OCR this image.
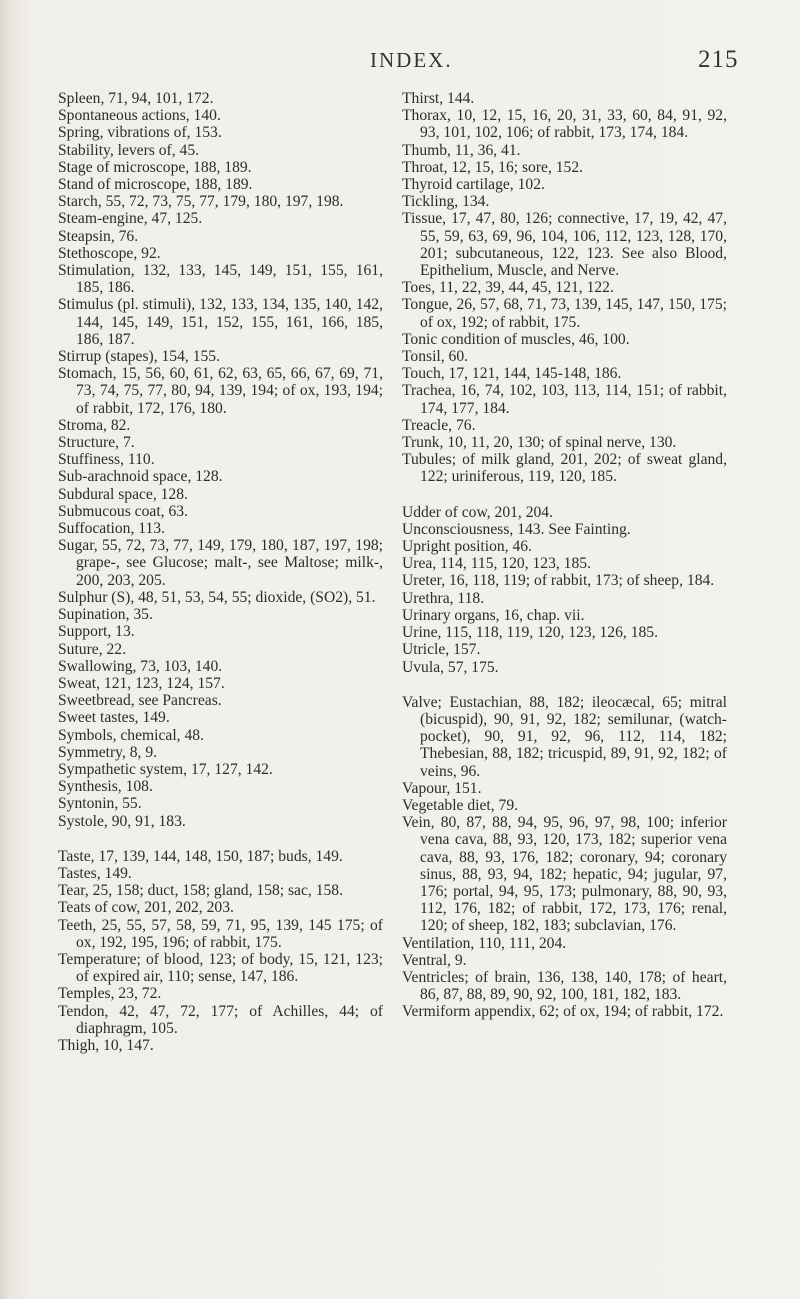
INDEX.	215
Spleen, 71, 94, 101, 172.
Spontaneous actions, 140.
Spring, vibrations of, 153.
Stability, levers of, 45.
Stage of microscope, 188, 189.
Stand of microscope, 188, 189.
Starch, 55, 72, 73, 75, 77, 179, 180, 197, 198.
Steam-engine, 47, 125.
Steapsin, 76.
Stethoscope, 92.
Stimulation, 132, 133, 145, 149, 151, 155, 161, 185, 186.
Stimulus (pl. stimuli), 132, 133, 134, 135, 140, 142, 144, 145, 149, 151, 152, 155, 161, 166, 185, 186, 187.
Stirrup (stapes), 154, 155.
Stomach, 15, 56, 60, 61, 62, 63, 65, 66, 67, 69, 71, 73, 74, 75, 77, 80, 94, 139, 194; of ox, 193, 194; of rabbit, 172, 176, 180.
Stroma, 82.
Structure, 7.
Stuffiness, 110.
Sub-arachnoid space, 128.
Subdural space, 128.
Submucous coat, 63.
Suffocation, 113.
Sugar, 55, 72, 73, 77, 149, 179, 180, 187, 197, 198; grape-, see Glucose; malt-, see Maltose; milk-, 200, 203, 205.
Sulphur (S), 48, 51, 53, 54, 55; dioxide, (SO2), 51.
Supination, 35.
Support, 13.
Suture, 22.
Swallowing, 73, 103, 140.
Sweat, 121, 123, 124, 157.
Sweetbread, see Pancreas.
Sweet tastes, 149.
Symbols, chemical, 48.
Symmetry, 8, 9.
Sympathetic system, 17, 127, 142.
Synthesis, 108.
Syntonin, 55.
Systole, 90, 91, 183.
Taste, 17, 139, 144, 148, 150, 187; buds, 149.
Tastes, 149.
Tear, 25, 158; duct, 158; gland, 158; sac, 158.
Teats of cow, 201, 202, 203.
Teeth, 25, 55, 57, 58, 59, 71, 95, 139, 145 175; of ox, 192, 195, 196; of rabbit, 175.
Temperature; of blood, 123; of body, 15, 121, 123; of expired air, 110; sense, 147, 186.
Temples, 23, 72.
Tendon, 42, 47, 72, 177; of Achilles, 44; of diaphragm, 105.
Thigh, 10, 147.
Thirst, 144.
Thorax, 10, 12, 15, 16, 20, 31, 33, 60, 84, 91, 92, 93, 101, 102, 106; of rabbit, 173, 174, 184.
Thumb, 11, 36, 41.
Throat, 12, 15, 16; sore, 152.
Thyroid cartilage, 102.
Tickling, 134.
Tissue, 17, 47, 80, 126; connective, 17, 19, 42, 47, 55, 59, 63, 69, 96, 104, 106, 112, 123, 128, 170, 201; subcutaneous, 122, 123. See also Blood, Epithelium, Muscle, and Nerve.
Toes, 11, 22, 39, 44, 45, 121, 122.
Tongue, 26, 57, 68, 71, 73, 139, 145, 147, 150, 175; of ox, 192; of rabbit, 175.
Tonic condition of muscles, 46, 100.
Tonsil, 60.
Touch, 17, 121, 144, 145-148, 186.
Trachea, 16, 74, 102, 103, 113, 114, 151; of rabbit, 174, 177, 184.
Treacle, 76.
Trunk, 10, 11, 20, 130; of spinal nerve, 130.
Tubules; of milk gland, 201, 202; of sweat gland, 122; uriniferous, 119, 120, 185.
Udder of cow, 201, 204.
Unconsciousness, 143. See Fainting.
Upright position, 46.
Urea, 114, 115, 120, 123, 185.
Ureter, 16, 118, 119; of rabbit, 173; of sheep, 184.
Urethra, 118.
Urinary organs, 16, chap. vii.
Urine, 115, 118, 119, 120, 123, 126, 185.
Utricle, 157.
Uvula, 57, 175.
Valve; Eustachian, 88, 182; ileocæcal, 65; mitral (bicuspid), 90, 91, 92, 182; semilunar, (watch-pocket), 90, 91, 92, 96, 112, 114, 182; Thebesian, 88, 182; tricuspid, 89, 91, 92, 182; of veins, 96.
Vapour, 151.
Vegetable diet, 79.
Vein, 80, 87, 88, 94, 95, 96, 97, 98, 100; inferior vena cava, 88, 93, 120, 173, 182; superior vena cava, 88, 93, 176, 182; coronary, 94; coronary sinus, 88, 93, 94, 182; hepatic, 94; jugular, 97, 176; portal, 94, 95, 173; pulmonary, 88, 90, 93, 112, 176, 182; of rabbit, 172, 173, 176; renal, 120; of sheep, 182, 183; subclavian, 176.
Ventilation, 110, 111, 204.
Ventral, 9.
Ventricles; of brain, 136, 138, 140, 178; of heart, 86, 87, 88, 89, 90, 92, 100, 181, 182, 183.
Vermiform appendix, 62; of ox, 194; of rabbit, 172.
